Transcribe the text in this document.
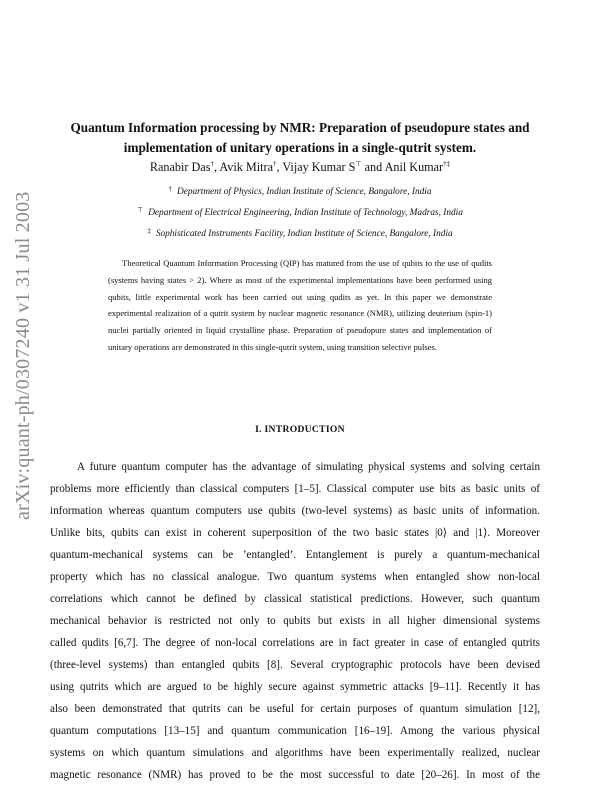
arXiv:quant-ph/0307240 v1 31 Jul 2003
Quantum Information processing by NMR: Preparation of pseudopure states and
implementation of unitary operations in a single-qutrit system.
Ranabir Das†, Avik Mitra†, Vijay Kumar S⊤ and Anil Kumar†‡
† Department of Physics, Indian Institute of Science, Bangalore, India
⊤ Department of Electrical Engineering, Indian Institute of Technology, Madras, India
‡ Sophisticated Instruments Facility, Indian Institute of Science, Bangalore, India
Theoretical Quantum Information Processing (QIP) has matured from the use of qubits to the use of qudits (systems having states > 2). Where as most of the experimental implementations have been performed using qubits, little experimental work has been carried out using qudits as yet. In this paper we demonstrate experimental realization of a qutrit system by nuclear magnetic resonance (NMR), utilizing deuterium (spin-1) nuclei partially oriented in liquid crystalline phase. Preparation of pseudopure states and implementation of unitary operations are demonstrated in this single-qutrit system, using transition selective pulses.
I. INTRODUCTION
A future quantum computer has the advantage of simulating physical systems and solving certain
problems more efficiently than classical computers [1–5]. Classical computer use bits as basic units of
information whereas quantum computers use qubits (two-level systems) as basic units of information.
Unlike bits, qubits can exist in coherent superposition of the two basic states |0⟩ and |1⟩. Moreover
quantum-mechanical systems can be ’entangled’. Entanglement is purely a quantum-mechanical
property which has no classical analogue. Two quantum systems when entangled show non-local
correlations which cannot be defined by classical statistical predictions. However, such quantum
mechanical behavior is restricted not only to qubits but exists in all higher dimensional systems
called qudits [6,7]. The degree of non-local correlations are in fact greater in case of entangled qutrits
(three-level systems) than entangled qubits [8]. Several cryptographic protocols have been devised
using qutrits which are argued to be highly secure against symmetric attacks [9–11]. Recently it has
also been demonstrated that qutrits can be useful for certain purposes of quantum simulation [12],
quantum computations [13–15] and quantum communication [16–19]. Among the various physical
systems on which quantum simulations and algorithms have been experimentally realized, nuclear
magnetic resonance (NMR) has proved to be the most successful to date [20–26]. In most of the
